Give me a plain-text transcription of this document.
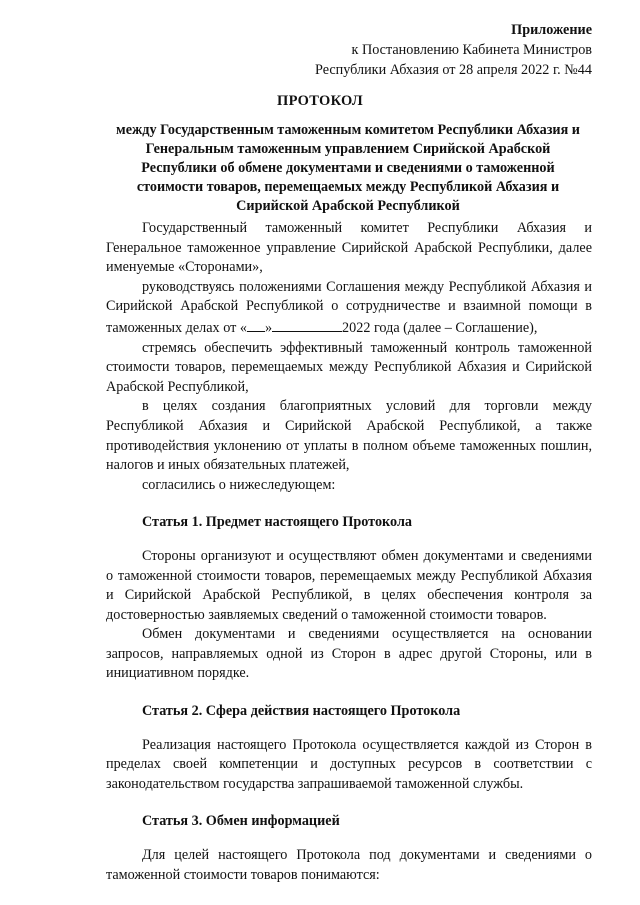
Приложение
к Постановлению Кабинета Министров
Республики Абхазия от 28 апреля 2022 г. №44
ПРОТОКОЛ
между Государственным таможенным комитетом Республики Абхазия и Генеральным таможенным управлением Сирийской Арабской Республики об обмене документами и сведениями о таможенной стоимости товаров, перемещаемых между Республикой Абхазия и Сирийской Арабской Республикой

Государственный таможенный комитет Республики Абхазия и Генеральное таможенное управление Сирийской Арабской Республики, далее именуемые «Сторонами»,

руководствуясь положениями Соглашения между Республикой Абхазия и Сирийской Арабской Республикой о сотрудничестве и взаимной помощи в таможенных делах от « »	2022 года (далее – Соглашение),

стремясь обеспечить эффективный таможенный контроль таможенной стоимости товаров, перемещаемых между Республикой Абхазия и Сирийской Арабской Республикой,

в целях создания благоприятных условий для торговли между Республикой Абхазия и Сирийской Арабской Республикой, а также противодействия уклонению от уплаты в полном объеме таможенных пошлин, налогов и иных обязательных платежей,

согласились о нижеследующем:

Статья 1. Предмет настоящего Протокола

Стороны организуют и осуществляют обмен документами и сведениями о таможенной стоимости товаров, перемещаемых между Республикой Абхазия и Сирийской Арабской Республикой, в целях обеспечения контроля за достоверностью заявляемых сведений о таможенной стоимости товаров.

Обмен документами и сведениями осуществляется на основании запросов, направляемых одной из Сторон в адрес другой Стороны, или в инициативном порядке.

Статья 2. Сфера действия настоящего Протокола

Реализация настоящего Протокола осуществляется каждой из Сторон в пределах своей компетенции и доступных ресурсов в соответствии с законодательством государства запрашиваемой таможенной службы.

Статья 3. Обмен информацией

Для целей настоящего Протокола под документами и сведениями о таможенной стоимости товаров понимаются:
